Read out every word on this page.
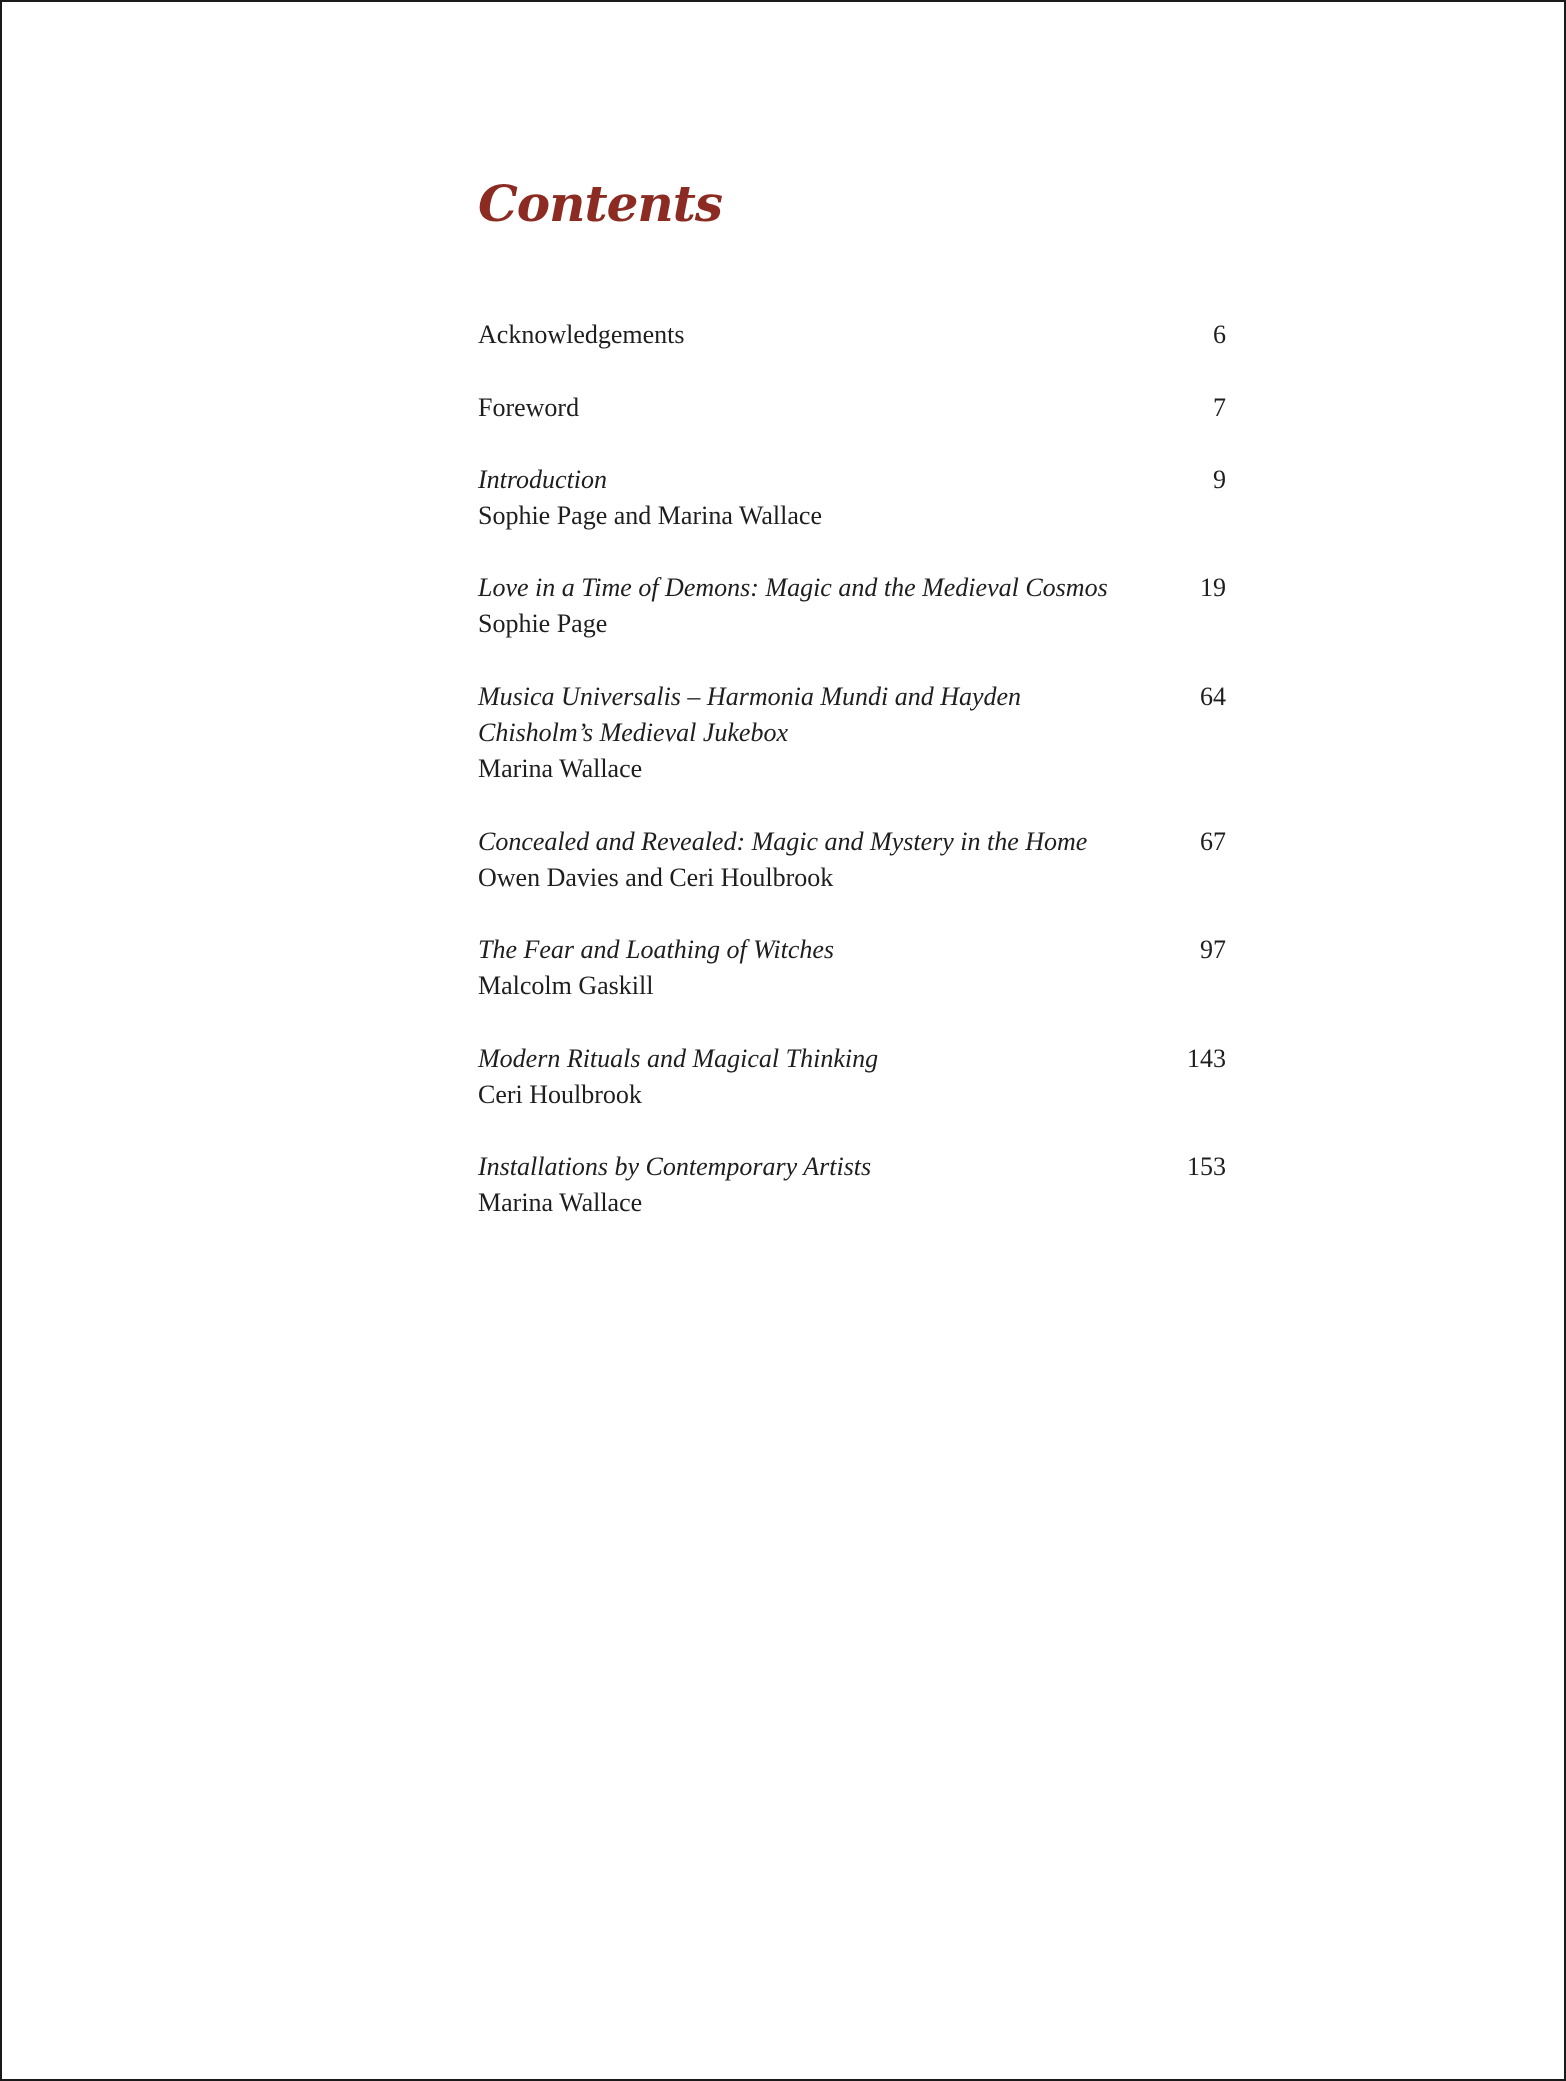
Contents
Acknowledgements	6
Foreword	7
Introduction
Sophie Page and Marina Wallace
9
Love in a Time of Demons: Magic and the Medieval Cosmos
Sophie Page
19
Musica Universalis – Harmonia Mundi and Hayden
Chisholm’s Medieval Jukebox
Marina Wallace
64
Concealed and Revealed: Magic and Mystery in the Home
Owen Davies and Ceri Houlbrook
67
The Fear and Loathing of Witches
Malcolm Gaskill
97
Modern Rituals and Magical Thinking
Ceri Houlbrook
143
Installations by Contemporary Artists
Marina Wallace
153
